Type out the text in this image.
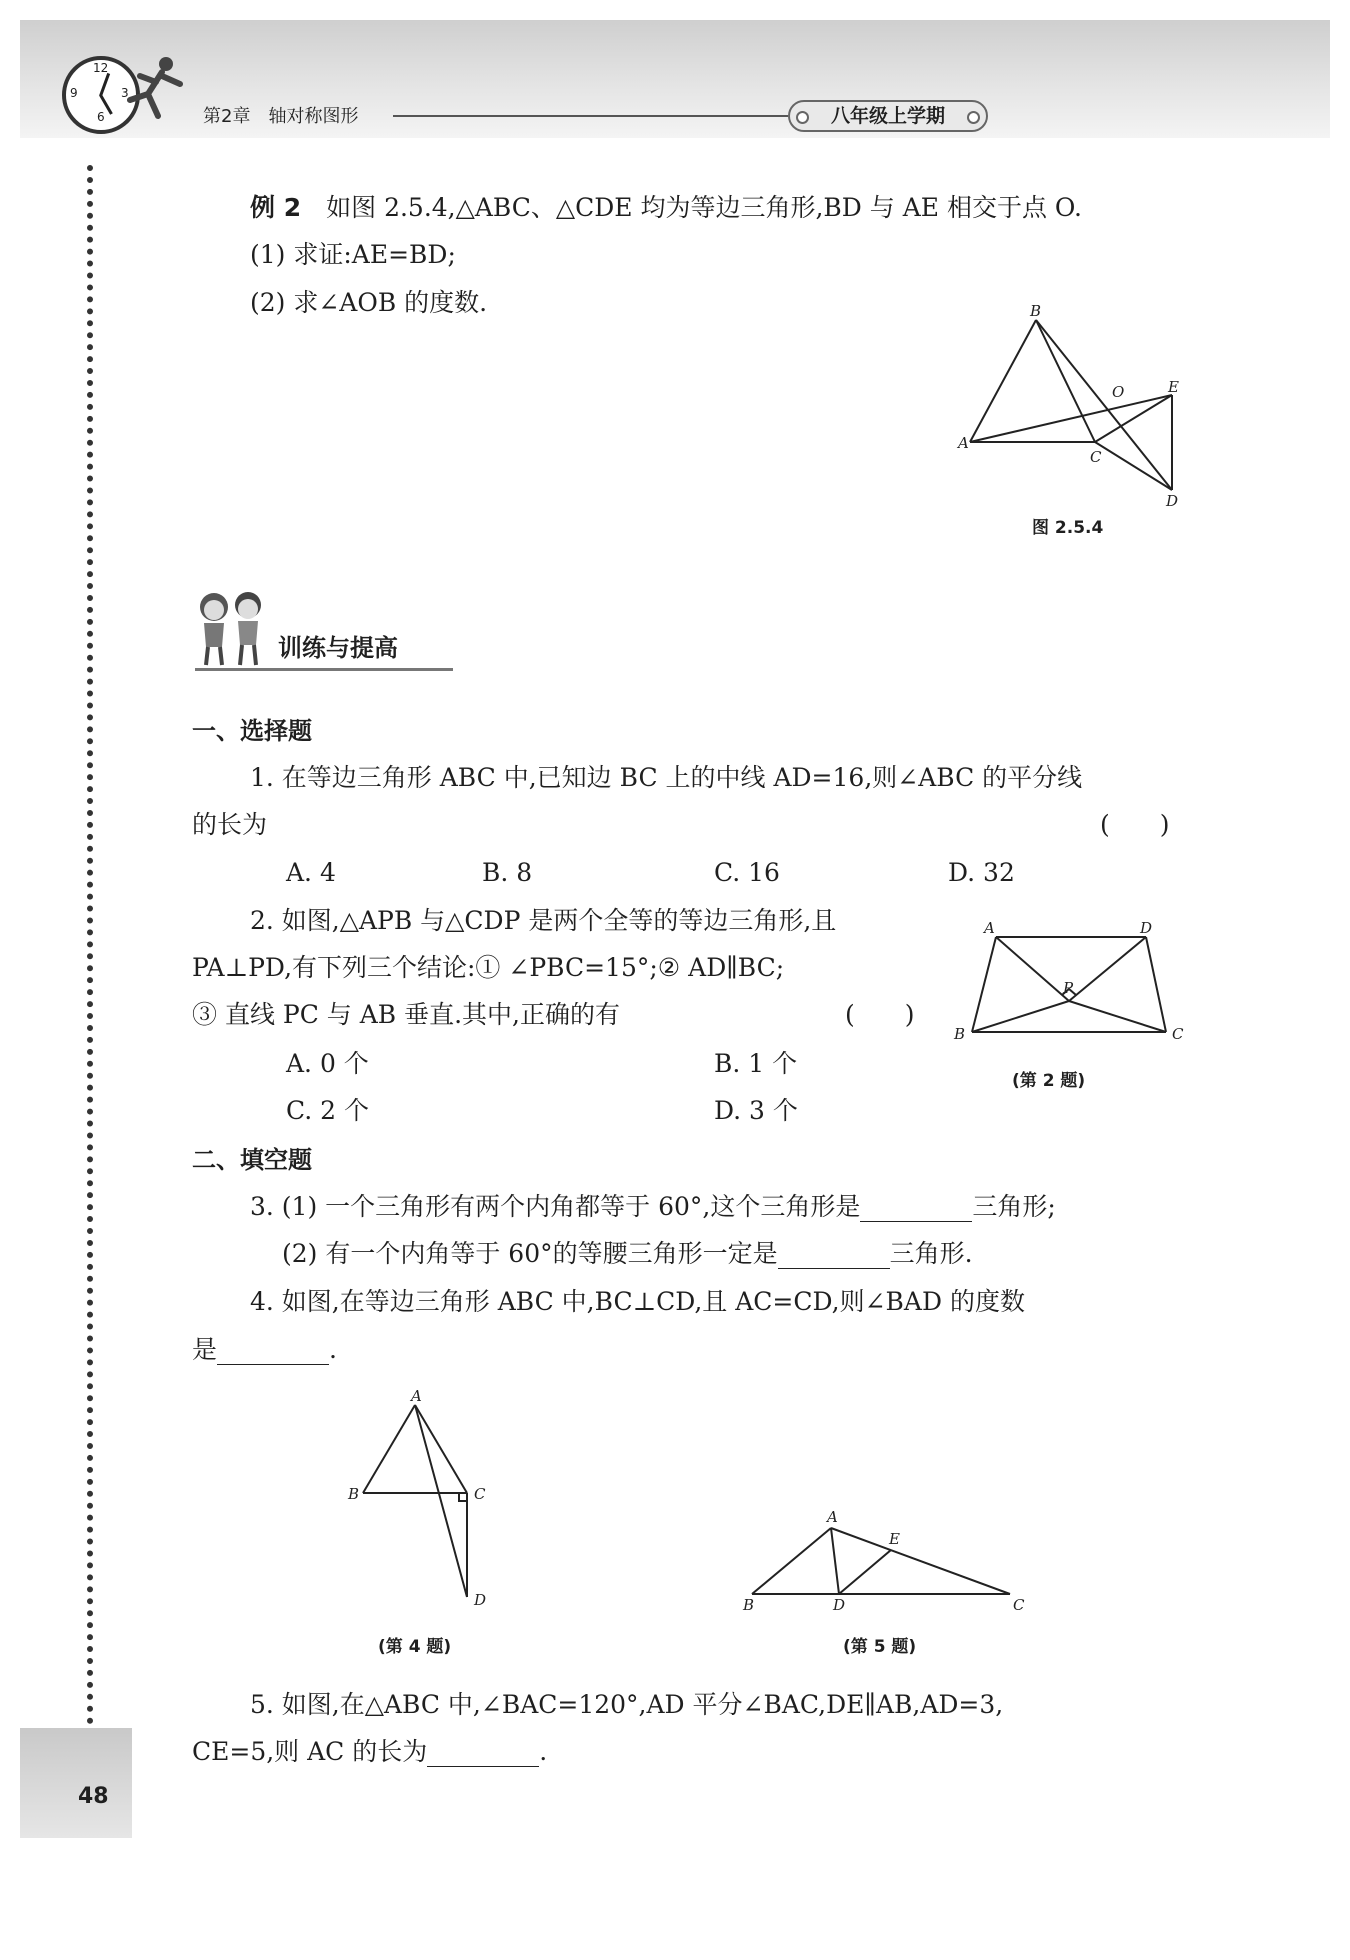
12
3
6
9
第2章　轴对称图形	八年级上学期
48
例 2　 如图 2.5.4,△ABC、△CDE 均为等边三角形,BD 与 AE 相交于点 O.
(1) 求证:AE=BD;
(2) 求∠AOB 的度数.
A
B
C
D
E
O
图 2.5.4
训练与提高
一、选择题
1. 在等边三角形 ABC 中,已知边 BC 上的中线 AD=16,则∠ABC 的平分线
的长为	(　　)
A. 4	B. 8	C. 16	D. 32
2. 如图,△APB 与△CDP 是两个全等的等边三角形,且
PA⊥PD,有下列三个结论:① ∠PBC=15°;② AD∥BC;
③ 直线 PC 与 AB 垂直.其中,正确的有	(　　)
A. 0 个	B. 1 个
C. 2 个	D. 3 个
A	D
B	C
P
(第 2 题)
二、填空题
3. (1) 一个三角形有两个内角都等于 60°,这个三角形是	三角形;
(2) 有一个内角等于 60°的等腰三角形一定是	三角形.
4. 如图,在等边三角形 ABC 中,BC⊥CD,且 AC=CD,则∠BAD 的度数
是	.
A
B	C
D
(第 4 题)
A
E
B	D	C
(第 5 题)
5. 如图,在△ABC 中,∠BAC=120°,AD 平分∠BAC,DE∥AB,AD=3,
CE=5,则 AC 的长为	.
